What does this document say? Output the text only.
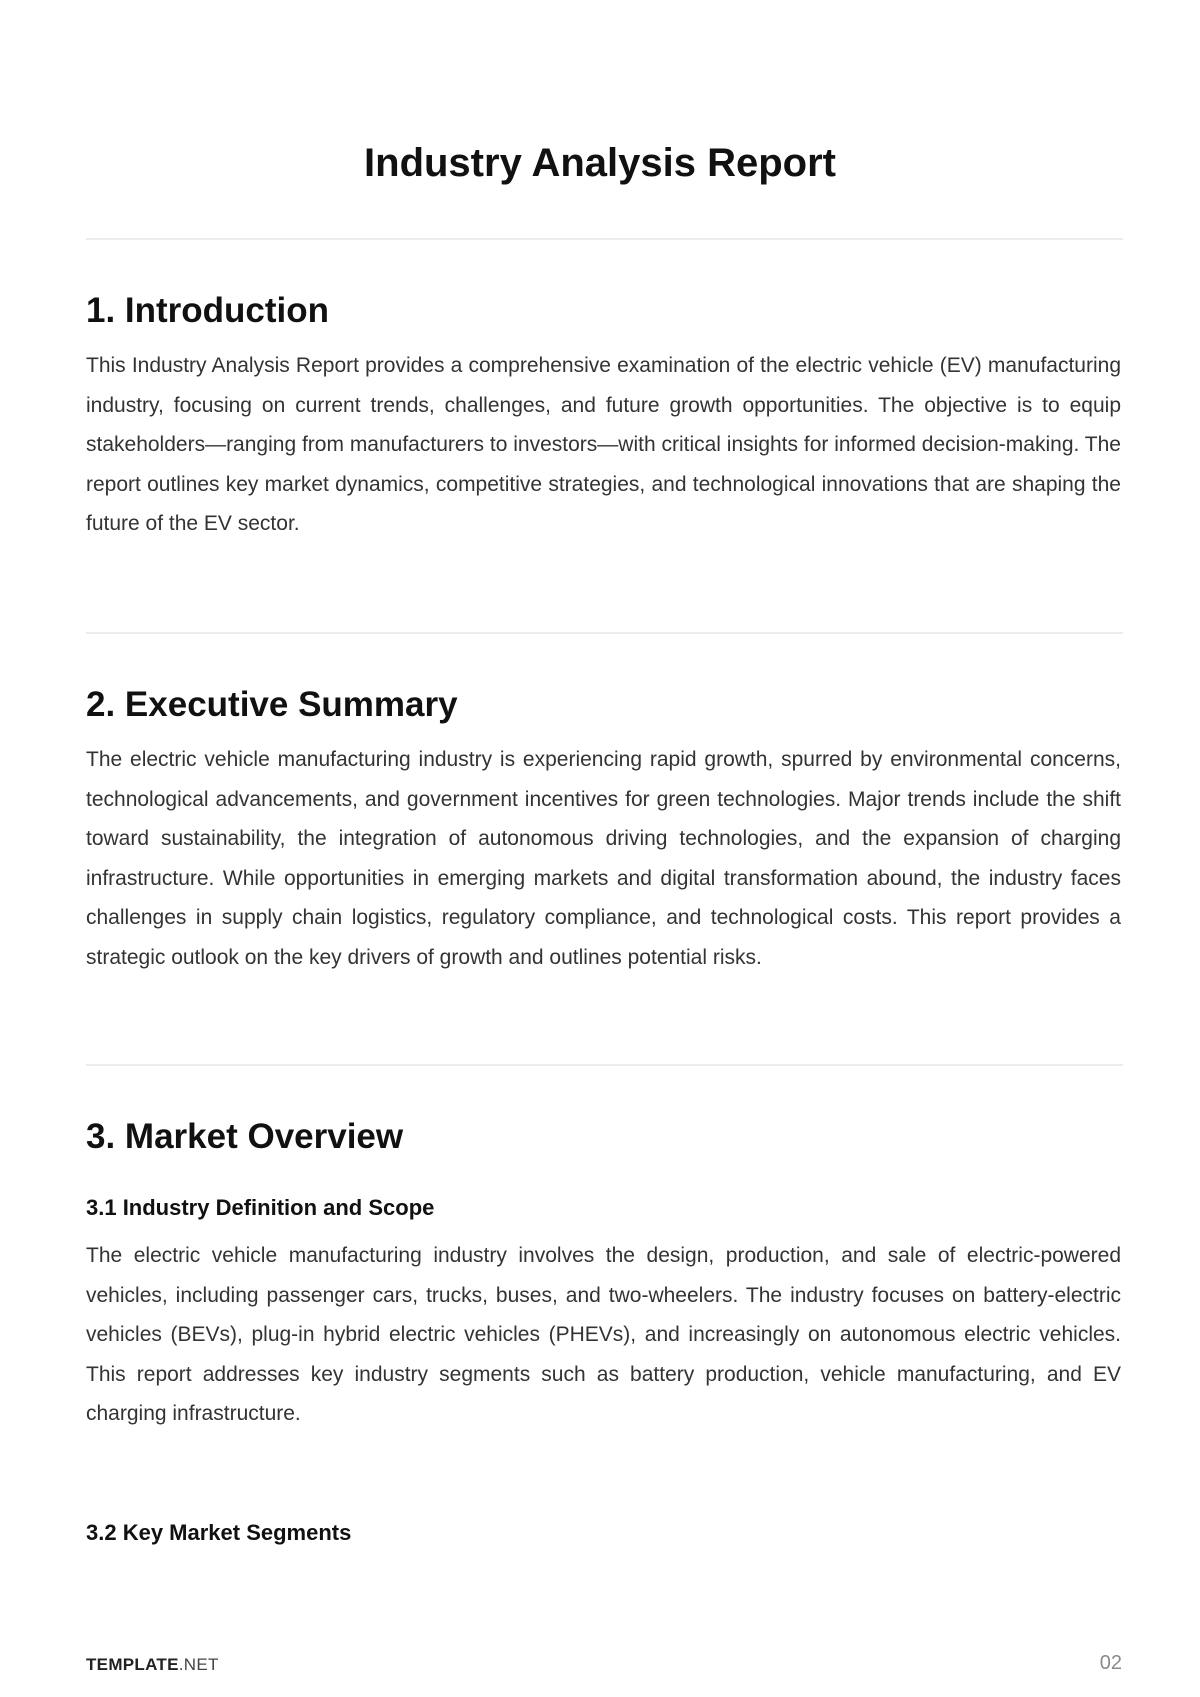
Industry Analysis Report
1. Introduction

This Industry Analysis Report provides a comprehensive examination of the electric vehicle (EV) manufacturing industry, focusing on current trends, challenges, and future growth opportunities. The objective is to equip stakeholders—ranging from manufacturers to investors—with critical insights for informed decision-making. The report outlines key market dynamics, competitive strategies, and technological innovations that are shaping the future of the EV sector.

2. Executive Summary

The electric vehicle manufacturing industry is experiencing rapid growth, spurred by environmental concerns, technological advancements, and government incentives for green technologies. Major trends include the shift toward sustainability, the integration of autonomous driving technologies, and the expansion of charging infrastructure. While opportunities in emerging markets and digital transformation abound, the industry faces challenges in supply chain logistics, regulatory compliance, and technological costs. This report provides a strategic outlook on the key drivers of growth and outlines potential risks.

3. Market Overview
3.1 Industry Definition and Scope

The electric vehicle manufacturing industry involves the design, production, and sale of electric-powered vehicles, including passenger cars, trucks, buses, and two-wheelers. The industry focuses on battery-electric vehicles (BEVs), plug-in hybrid electric vehicles (PHEVs), and increasingly on autonomous electric vehicles. This report addresses key industry segments such as battery production, vehicle manufacturing, and EV charging infrastructure.

3.2 Key Market Segments
TEMPLATE.NET	02
